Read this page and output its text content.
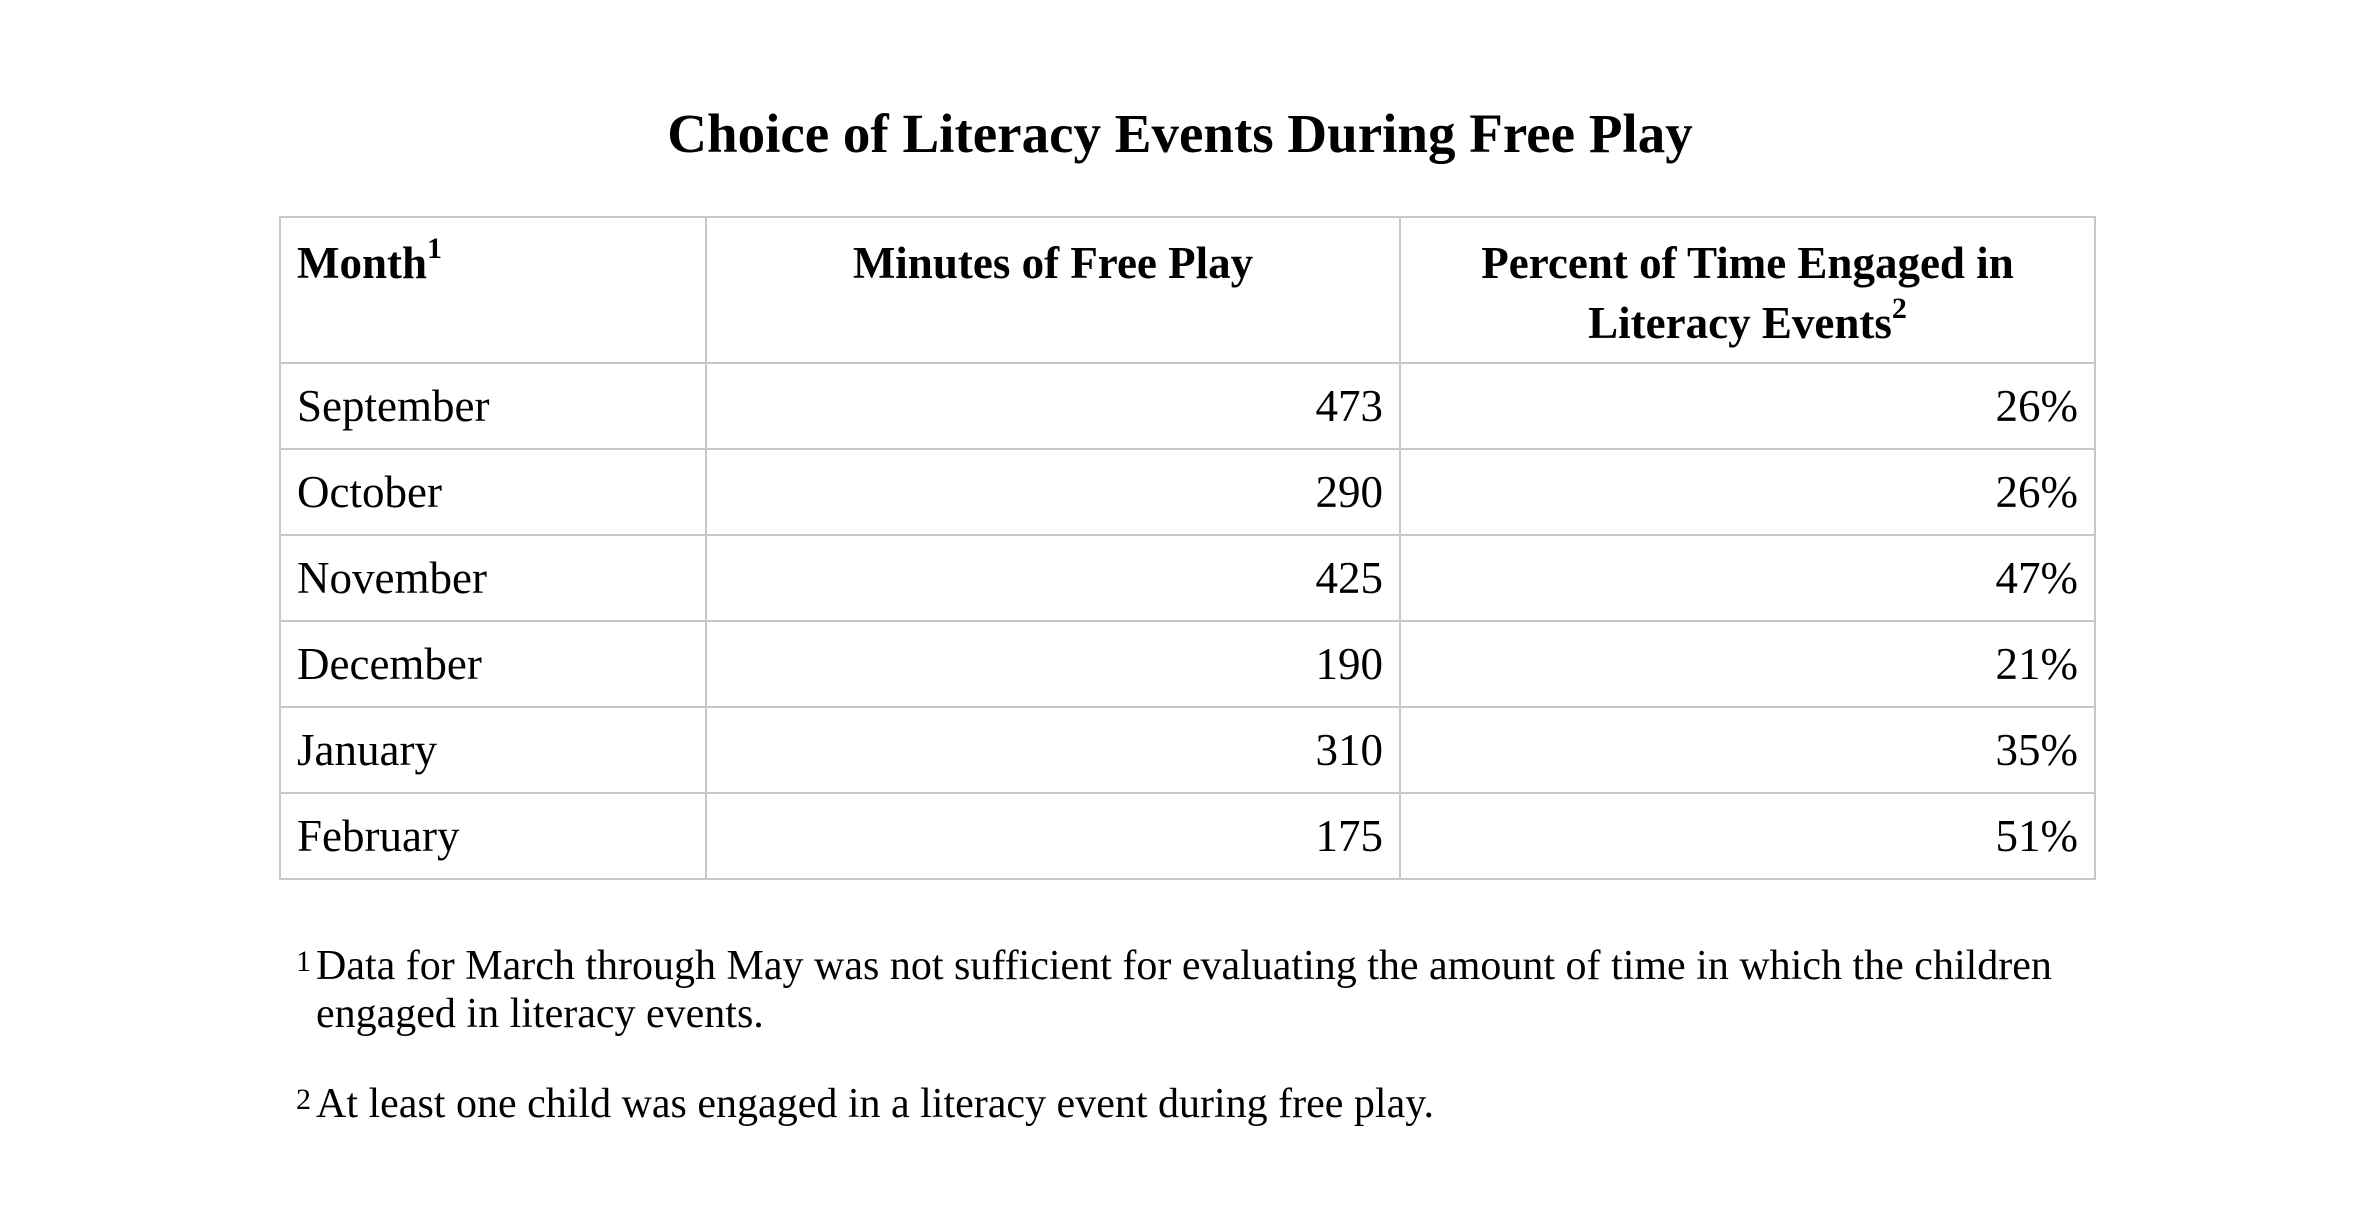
Choice of Literacy Events During Free Play
Month$^1$	Minutes of Free Play	Percent of Time Engaged in Literacy Events$^2$
September	473	26%
October	290	26%
November	425	47%
December	190	21%
January	310	35%
February	175	51%
1 Data for March through May was not sufficient for evaluating the amount of time in which the children engaged in literacy events.
2 At least one child was engaged in a literacy event during free play.
